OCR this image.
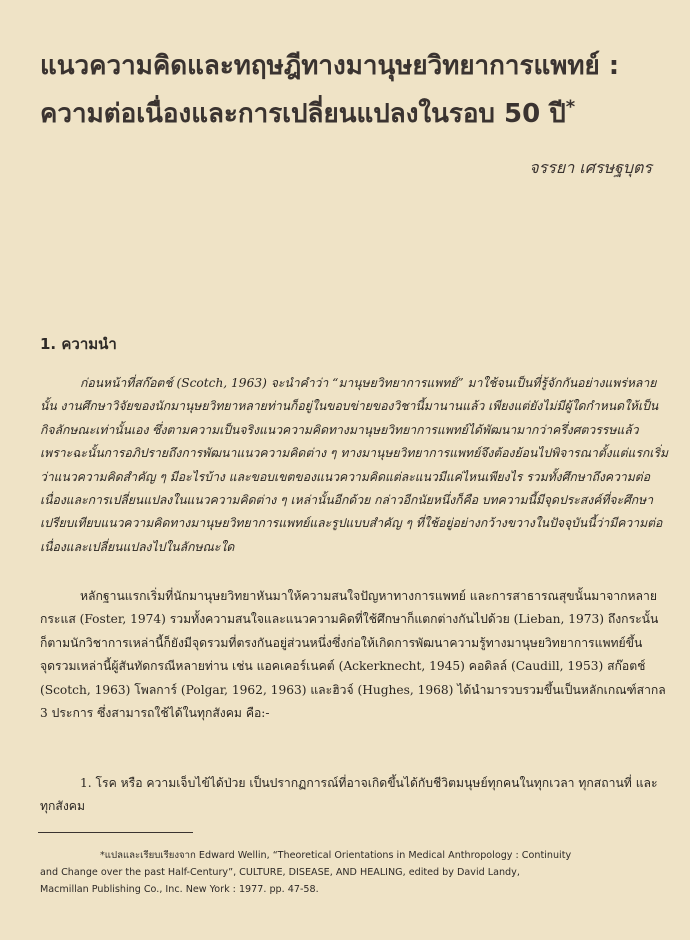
แนวความคิดและทฤษฎีทางมานุษยวิทยาการแพทย์ :
ความต่อเนื่องและการเปลี่ยนแปลงในรอบ 50 ปี*
จรรยา เศรษฐบุตร
1. ความนำ

ก่อนหน้าที่สก๊อตช์ (Scotch, 1963) จะนำคำว่า “มานุษยวิทยาการแพทย์” มาใช้จนเป็นที่รู้จักกันอย่างแพร่หลายนั้น งานศึกษาวิจัยของนักมานุษยวิทยาหลายท่านก็อยู่ในขอบข่ายของวิชานี้มานานแล้ว เพียงแต่ยังไม่มีผู้ใดกำหนดให้เป็นกิจลักษณะเท่านั้นเอง ซึ่งตามความเป็นจริงแนวความคิดทางมานุษยวิทยาการแพทย์ได้พัฒนามากว่าครึ่งศตวรรษแล้ว เพราะฉะนั้นการอภิปรายถึงการพัฒนาแนวความคิดต่าง ๆ ทางมานุษยวิทยาการแพทย์จึงต้องย้อนไปพิจารณาตั้งแต่แรกเริ่มว่าแนวความคิดสำคัญ ๆ มีอะไรบ้าง และขอบเขตของแนวความคิดแต่ละแนวมีแค่ไหนเพียงไร รวมทั้งศึกษาถึงความต่อเนื่องและการเปลี่ยนแปลงในแนวความคิดต่าง ๆ เหล่านั้นอีกด้วย กล่าวอีกนัยหนึ่งก็คือ บทความนี้มีจุดประสงค์ที่จะศึกษาเปรียบเทียบแนวความคิดทางมานุษยวิทยาการแพทย์และรูปแบบสำคัญ ๆ ที่ใช้อยู่อย่างกว้างขวางในปัจจุบันนี้ว่ามีความต่อเนื่องและเปลี่ยนแปลงไปในลักษณะใด

หลักฐานแรกเริ่มที่นักมานุษยวิทยาหันมาให้ความสนใจปัญหาทางการแพทย์ และการสาธารณสุขนั้นมาจากหลายกระแส (Foster, 1974) รวมทั้งความสนใจและแนวความคิดที่ใช้ศึกษาก็แตกต่างกันไปด้วย (Lieban, 1973) ถึงกระนั้นก็ตามนักวิชาการเหล่านี้ก็ยังมีจุดรวมที่ตรงกันอยู่ส่วนหนึ่งซึ่งก่อให้เกิดการพัฒนาความรู้ทางมานุษยวิทยาการแพทย์ขึ้น จุดรวมเหล่านี้ผู้สันทัดกรณีหลายท่าน เช่น แอคเคอร์เนคต์ (Ackerknecht, 1945) คอดิลล์ (Caudill, 1953) สก๊อตช์ (Scotch, 1963) โพลการ์ (Polgar, 1962, 1963) และฮิวจ์ (Hughes, 1968) ได้นำมารวบรวมขึ้นเป็นหลักเกณฑ์สากล 3 ประการ ซึ่งสามารถใช้ได้ในทุกสังคม คือ:-

1. โรค หรือ ความเจ็บไข้ได้ป่วย เป็นปรากฏการณ์ที่อาจเกิดขึ้นได้กับชีวิตมนุษย์ทุกคนในทุกเวลา ทุกสถานที่ และทุกสังคม

*แปลและเรียบเรียงจาก Edward Wellin, “Theoretical Orientations in Medical Anthropology : Continuity
and Change over the past Half-Century”, CULTURE, DISEASE, AND HEALING, edited by David Landy,
Macmillan Publishing Co., Inc. New York : 1977. pp. 47-58.
